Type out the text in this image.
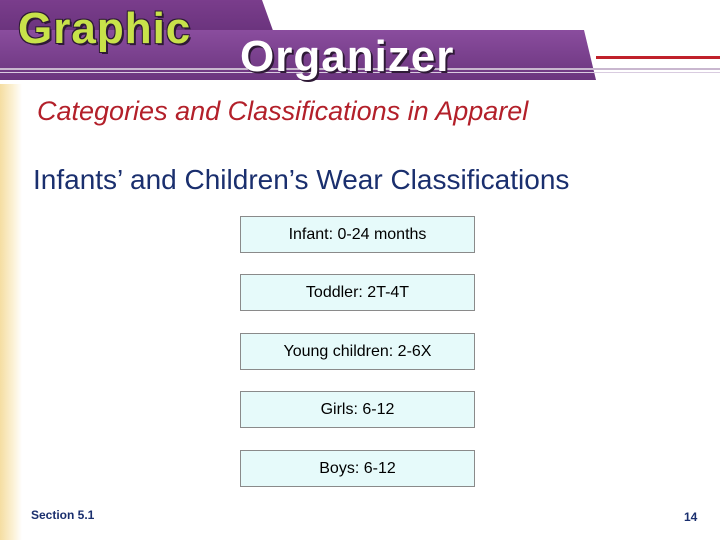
Graphic
Organizer
Categories and Classifications in Apparel
Infants’ and Children’s Wear Classifications
Infant: 0-24 months
Toddler: 2T-4T
Young children: 2-6X
Girls: 6-12
Boys: 6-12
Section 5.1	14
